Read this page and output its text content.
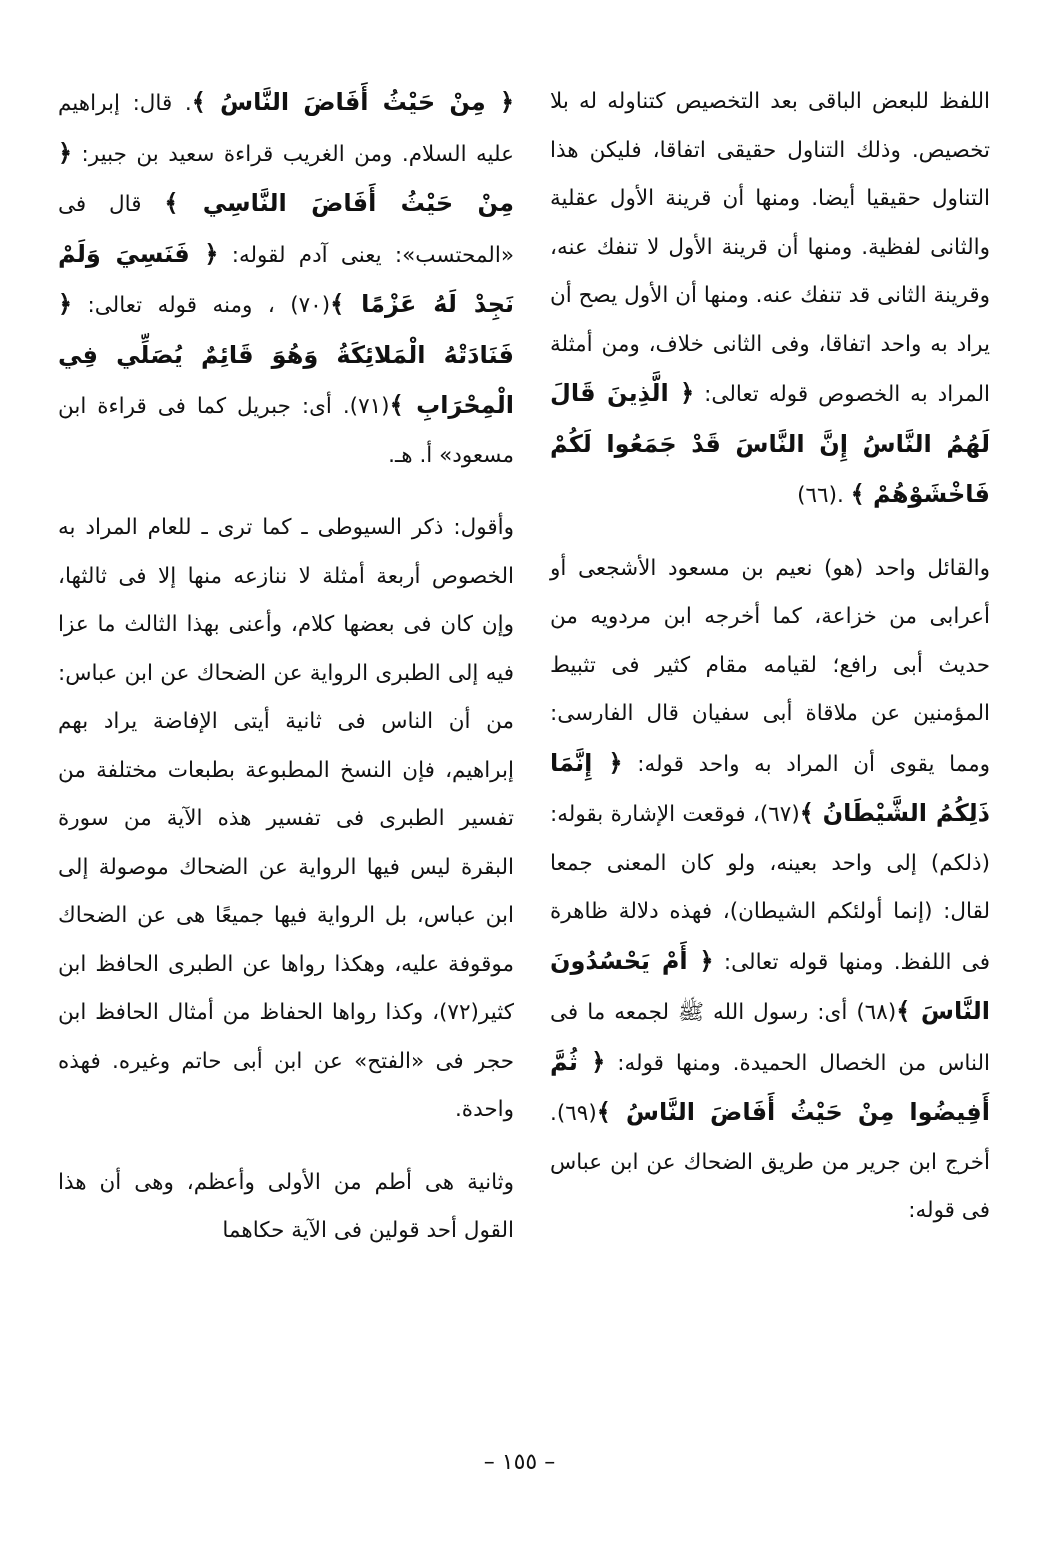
اللفظ للبعض الباقى بعد التخصيص كتناوله له بلا تخصيص. وذلك التناول حقيقى اتفاقا، فليكن هذا التناول حقيقيا أيضا. ومنها أن قرينة الأول عقلية والثانى لفظية. ومنها أن قرينة الأول لا تنفك عنه، وقرينة الثانى قد تنفك عنه. ومنها أن الأول يصح أن يراد به واحد اتفاقا، وفى الثانى خلاف، ومن أمثلة المراد به الخصوص قوله تعالى: ﴿ الَّذِينَ قَالَ لَهُمُ النَّاسُ إِنَّ النَّاسَ قَدْ جَمَعُوا لَكُمْ فَاخْشَوْهُمْ ﴾ .(٦٦)

والقائل واحد (هو) نعيم بن مسعود الأشجعى أو أعرابى من خزاعة، كما أخرجه ابن مردويه من حديث أبى رافع؛ لقيامه مقام كثير فى تثبيط المؤمنين عن ملاقاة أبى سفيان قال الفارسى: ومما يقوى أن المراد به واحد قوله: ﴿ إِنَّمَا ذَلِكُمُ الشَّيْطَانُ ﴾(٦٧)، فوقعت الإشارة بقوله: (ذلكم) إلى واحد بعينه، ولو كان المعنى جمعا لقال: (إنما أولئكم الشيطان)، فهذه دلالة ظاهرة فى اللفظ. ومنها قوله تعالى: ﴿ أَمْ يَحْسُدُونَ النَّاسَ ﴾(٦٨) أى: رسول الله ﷺ لجمعه ما فى الناس من الخصال الحميدة. ومنها قوله: ﴿ ثُمَّ أَفِيضُوا مِنْ حَيْثُ أَفَاضَ النَّاسُ ﴾(٦٩). أخرج ابن جرير من طريق الضحاك عن ابن عباس فى قوله:

﴿ مِنْ حَيْثُ أَفَاضَ النَّاسُ ﴾. قال: إبراهيم عليه السلام. ومن الغريب قراءة سعيد بن جبير: ﴿ مِنْ حَيْثُ أَفَاضَ النَّاسِي ﴾ قال فى «المحتسب»: يعنى آدم لقوله: ﴿ فَنَسِيَ وَلَمْ نَجِدْ لَهُ عَزْمًا ﴾(٧٠) ، ومنه قوله تعالى: ﴿ فَنَادَتْهُ الْمَلائِكَةُ وَهُوَ قَائِمٌ يُصَلِّي فِي الْمِحْرَابِ ﴾(٧١). أى: جبريل كما فى قراءة ابن مسعود» أ. هـ.

وأقول: ذكر السيوطى ـ كما ترى ـ للعام المراد به الخصوص أربعة أمثلة لا ننازعه منها إلا فى ثالثها، وإن كان فى بعضها كلام، وأعنى بهذا الثالث ما عزا فيه إلى الطبرى الرواية عن الضحاك عن ابن عباس: من أن الناس فى ثانية أيتى الإفاضة يراد بهم إبراهيم، فإن النسخ المطبوعة بطبعات مختلفة من تفسير الطبرى فى تفسير هذه الآية من سورة البقرة ليس فيها الرواية عن الضحاك موصولة إلى ابن عباس، بل الرواية فيها جميعًا هى عن الضحاك موقوفة عليه، وهكذا رواها عن الطبرى الحافظ ابن كثير(٧٢)، وكذا رواها الحفاظ من أمثال الحافظ ابن حجر فى «الفتح» عن ابن أبى حاتم وغيره. فهذه واحدة.

وثانية هى أطم من الأولى وأعظم، وهى أن هذا القول أحد قولين فى الآية حكاهما

– ١٥٥ –
